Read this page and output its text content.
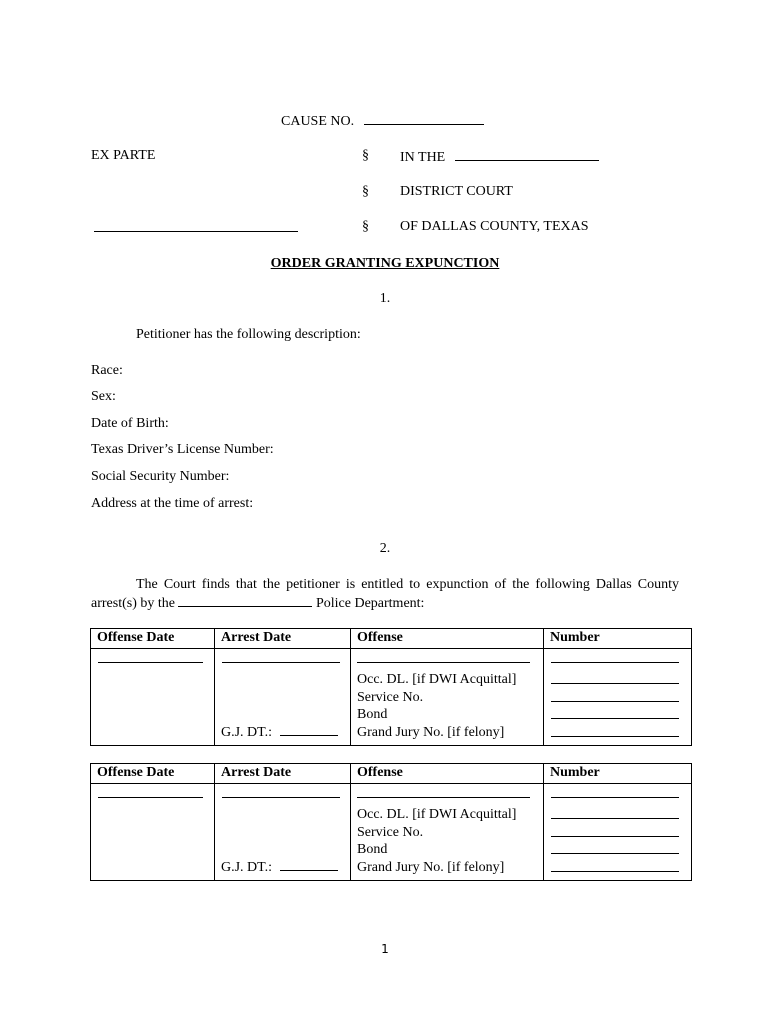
CAUSE NO.
EX PARTE	§ IN THE
§ DISTRICT COURT
§ OF DALLAS COUNTY, TEXAS
ORDER GRANTING EXPUNCTION
1.
Petitioner has the following description:
Race:
Sex:
Date of Birth:
Texas Driver’s License Number:
Social Security Number:
Address at the time of arrest:
2.
The Court finds that the petitioner is entitled to expunction of the following Dallas County arrest(s) by the	Police Department:
Offense Date	Arrest Date	Offense	Number

	G.J. DT.:	Occ. DL. [if DWI Acquittal]
Service No.
Bond
Grand Jury No. [if felony]	

Offense Date	Arrest Date	Offense	Number

	G.J. DT.:	Occ. DL. [if DWI Acquittal]
Service No.
Bond
Grand Jury No. [if felony]	

1
